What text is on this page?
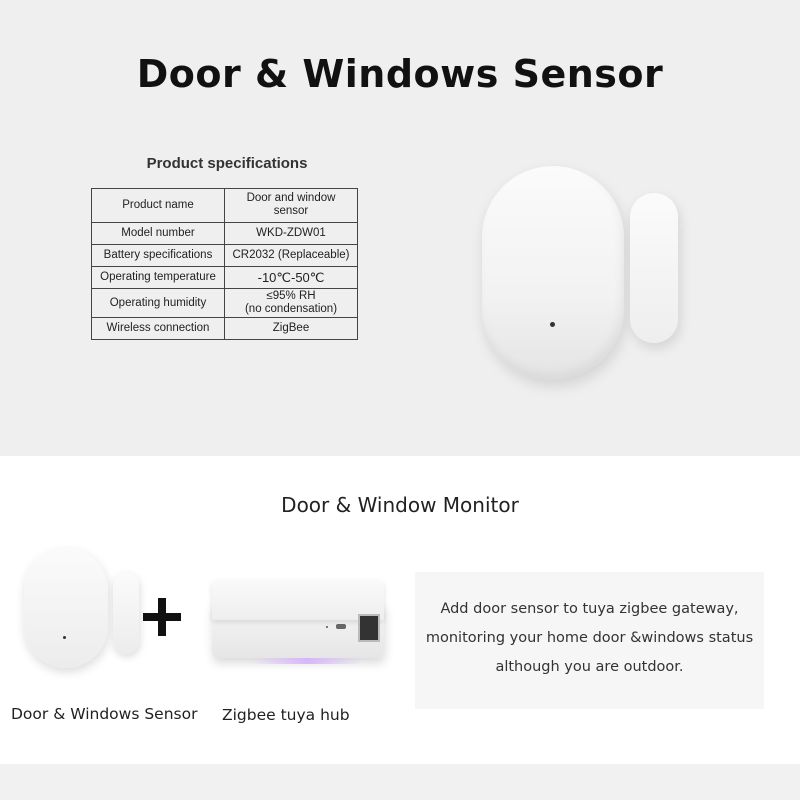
Door & Windows Sensor
Product specifications
Product name	Door and window sensor
Model number	WKD-ZDW01
Battery specifications	CR2032 (Replaceable)
Operating temperature	-10℃-50℃
Operating humidity	≤95% RH
(no condensation)

Wireless connection	ZigBee
Door & Window Monitor
Door & Windows Sensor Zigbee tuya hub
Add door sensor to tuya zigbee gateway,
monitoring your home door &windows status
although you are outdoor.
